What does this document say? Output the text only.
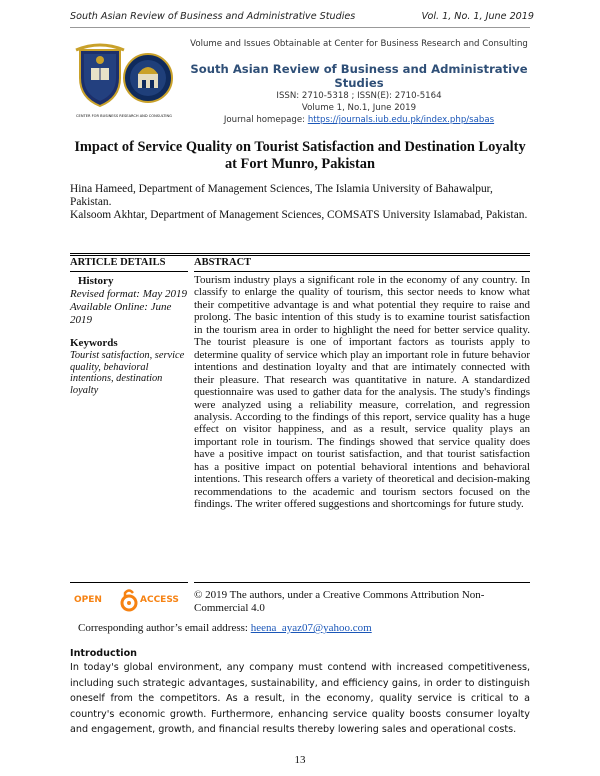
South Asian Review of Business and Administrative Studies	Vol. 1, No. 1, June 2019
CENTER FOR BUSINESS RESEARCH AND CONSULTING
Volume and Issues Obtainable at Center for Business Research and Consulting
South Asian Review of Business and Administrative Studies
ISSN: 2710-5318 ; ISSN(E): 2710-5164
Volume 1, No.1, June 2019
Journal homepage: https://journals.iub.edu.pk/index.php/sabas
Impact of Service Quality on Tourist Satisfaction and Destination Loyalty at Fort Munro, Pakistan
Hina Hameed, Department of Management Sciences, The Islamia University of Bahawalpur, Pakistan.
Kalsoom Akhtar, Department of Management Sciences, COMSATS University Islamabad, Pakistan.
ARTICLE DETAILS	ABSTRACT
History
Revised format: May 2019
Available Online: June 2019
Keywords
Tourist satisfaction, service quality, behavioral intentions, destination loyalty
Tourism industry plays a significant role in the economy of any country. In classify to enlarge the quality of tourism, this sector needs to know what their competitive advantage is and what potential they require to raise and prolong. The basic intention of this study is to examine tourist satisfaction in the tourism area in order to highlight the need for better service quality. The tourist pleasure is one of important factors as tourists apply to determine quality of service which play an important role in future behavior intentions and destination loyalty and that are intimately connected with their pleasure. That research was quantitative in nature. A standardized questionnaire was used to gather data for the analysis. The study's findings were analyzed using a reliability measure, correlation, and regression analysis. According to the findings of this report, service quality has a huge effect on visitor happiness, and as a result, service quality plays an important role in tourism. The findings showed that service quality does have a positive impact on tourist satisfaction, and that tourist satisfaction has a positive impact on potential behavioral intentions and behavioral intentions. This research offers a variety of theoretical and decision-making recommendations to the academic and tourism sectors focused on the findings. The writer offered suggestions and shortcomings for future study.
OPEN	ACCESS © 2019 The authors, under a Creative Commons Attribution Non-Commercial 4.0
Corresponding author’s email address: heena_ayaz07@yahoo.com
Introduction
In today's global environment, any company must contend with increased competitiveness, including such strategic advantages, sustainability, and efficiency gains, in order to distinguish oneself from the competitors. As a result, in the economy, quality service is critical to a country's economic growth. Furthermore, enhancing service quality boosts consumer loyalty and engagement, growth, and financial results thereby lowering sales and operational costs.
13
